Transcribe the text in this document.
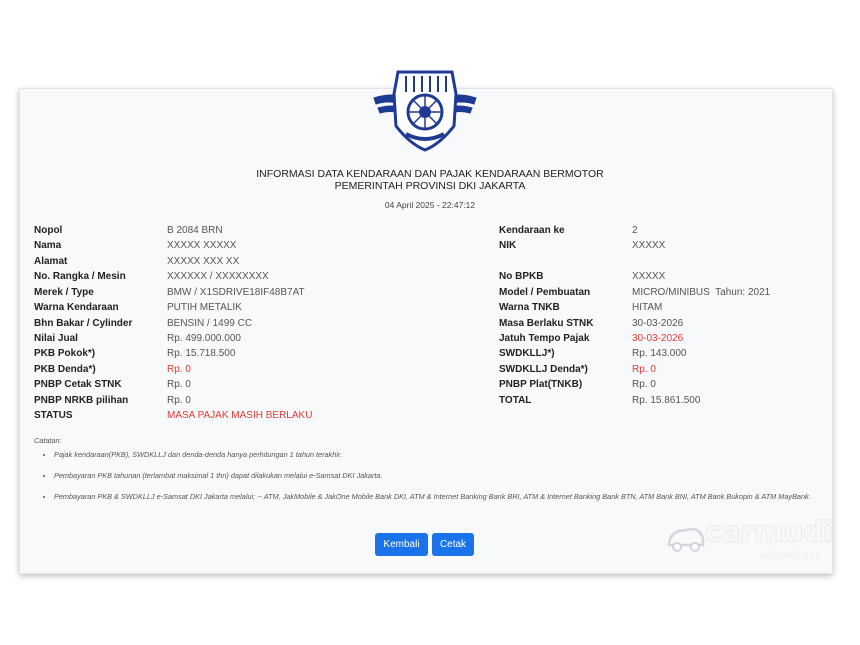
INFORMASI DATA KENDARAAN DAN PAJAK KENDARAAN BERMOTOR
PEMERINTAH PROVINSI DKI JAKARTA
04 April 2025 - 22:47:12
Nopol	B 2084 BRN
Nama	XXXXX XXXXX
Alamat	XXXXX XXX XX
No. Rangka / Mesin	XXXXXX / XXXXXXXX
Merek / Type	BMW / X1SDRIVE18IF48B7AT
Warna Kendaraan	PUTIH METALIK
Bhn Bakar / Cylinder	BENSIN / 1499 CC
Nilai Jual	Rp. 499.000.000
PKB Pokok*)	Rp. 15.718.500
PKB Denda*)	Rp. 0
PNBP Cetak STNK	Rp. 0
PNBP NRKB pilihan	Rp. 0
STATUS	MASA PAJAK MASIH BERLAKU
Kendaraan ke	2
NIK	XXXXX
No BPKB	XXXXX
Model / Pembuatan	MICRO/MINIBUS  Tahun: 2021
Warna TNKB	HITAM
Masa Berlaku STNK	30-03-2026
Jatuh Tempo Pajak	30-03-2026
SWDKLLJ*)	Rp. 143.000
SWDKLLJ Denda*)	Rp. 0
PNBP Plat(TNKB)	Rp. 0
TOTAL	Rp. 15.861.500
Catatan:
• Pajak kendaraan(PKB), SWDKLLJ dan denda-denda hanya perhitungan 1 tahun terakhir.
• Pembayaran PKB tahunan (terlambat maksimal 1 thn) dapat dilakukan melalui e-Samsat DKI Jakarta.
• Pembayaran PKB & SWDKLLJ e-Samsat DKI Jakarta melalui; -- ATM, JakMobile & JakOne Mobile Bank DKI, ATM & Internet Banking Bank BRI, ATM & Internet Banking Bank BTN, ATM Bank BNI, ATM Bank Bukopin & ATM MayBank.
Kembali	Cetak	carmudi
INDONESIA
